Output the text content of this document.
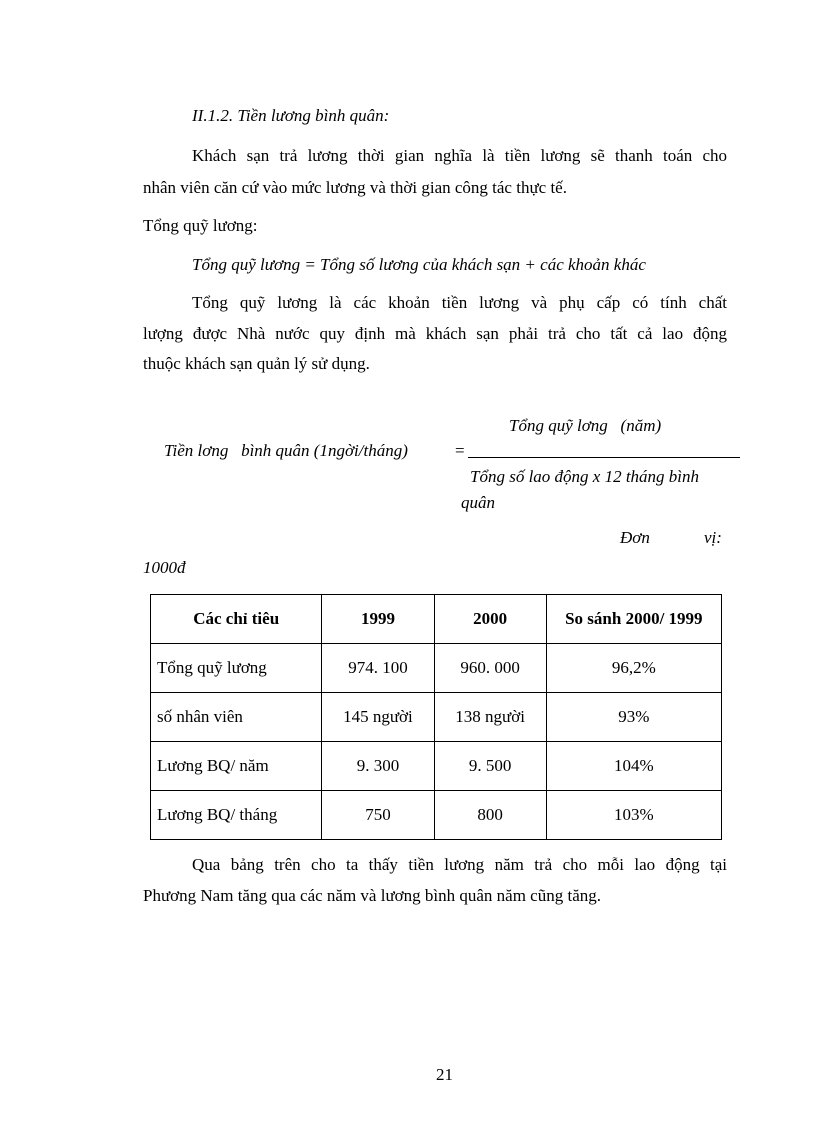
II.1.2. Tiền lương bình quân:
Khách sạn trả lương thời gian nghĩa là tiền lương sẽ thanh toán cho
nhân viên căn cứ vào mức lương và thời gian công tác thực tế.
Tổng quỹ lương:
Tổng quỹ lương = Tổng số lương của khách sạn + các khoản khác
Tổng quỹ lương là các khoản tiền lương và phụ cấp có tính chất
lượng được Nhà nước quy định mà khách sạn phải trả cho tất cả lao động
thuộc khách sạn quản lý sử dụng.
Tiền lơng   bình quân (1ngời/tháng)	=
Tổng quỹ lơng   (năm)
Tổng số lao động x 12 tháng bình
quân
Đơn	vị:
1000đ
Các chỉ tiêu	1999	2000	So sánh 2000/ 1999
Tổng quỹ lương	974. 100	960. 000	96,2%
số nhân viên	145 người	138 người	93%
Lương BQ/ năm	9. 300	9. 500	104%
Lương BQ/ tháng	750	800	103%
Qua bảng trên cho ta thấy tiền lương năm trả cho mỗi lao động tại
Phương Nam tăng qua các năm và lương bình quân năm cũng tăng.
21
